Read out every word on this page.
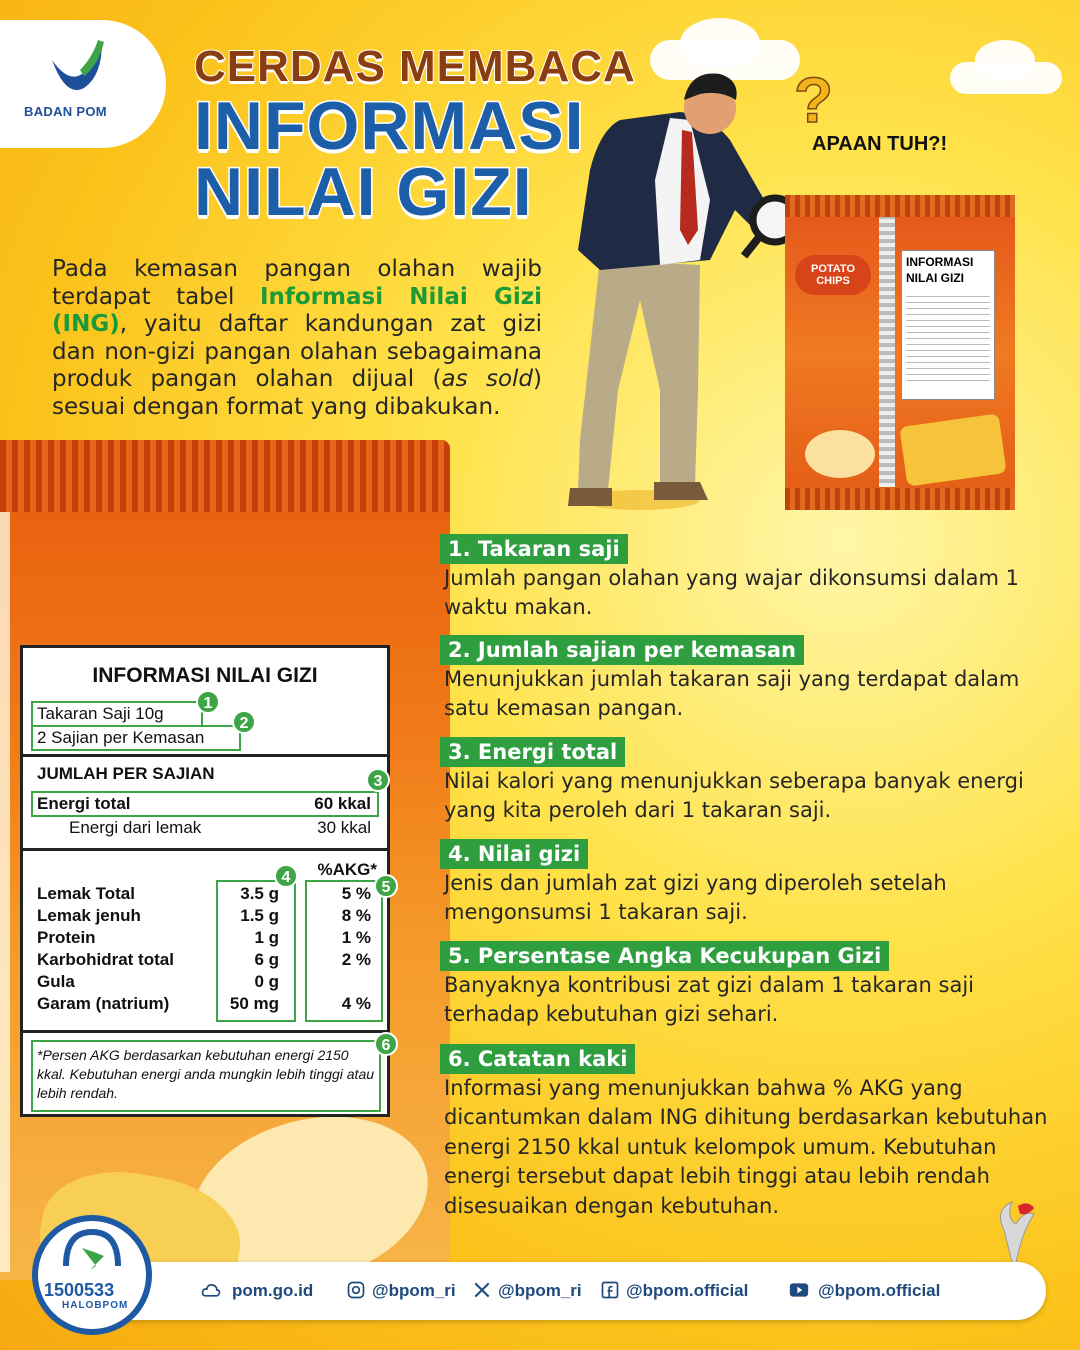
BADAN POM
CERDAS MEMBACA
INFORMASI
NILAI GIZI
Pada kemasan pangan olahan wajib terdapat tabel Informasi Nilai Gizi (ING), yaitu daftar kandungan zat gizi dan non-gizi pangan olahan sebagaimana produk pangan olahan dijual (as sold) sesuai dengan format yang dibakukan.
?
APAAN TUH?!
POTATO CHIPS
INFORMASI NILAI GIZI
INFORMASI NILAI GIZI
Takaran Saji 10g
2 Sajian per Kemasan
JUMLAH PER SAJIAN
Energi total	60 kkal
Energi dari lemak	30 kkal
%AKG*
Lemak Total	3.5 g	5 %
Lemak jenuh	1.5 g	8 %
Protein	1 g	1 %
Karbohidrat total	6 g	2 %
Gula	0 g
Garam (natrium)	50 mg	4 %
*Persen AKG berdasarkan kebutuhan energi 2150 kkal. Kebutuhan energi anda mungkin lebih tinggi atau lebih rendah.
1
2
3
4
5
6
1. Takaran saji
Jumlah pangan olahan yang wajar dikonsumsi dalam 1 waktu makan.
2. Jumlah sajian per kemasan
Menunjukkan jumlah takaran saji yang terdapat dalam satu kemasan pangan.
3. Energi total
Nilai kalori yang menunjukkan seberapa banyak energi yang kita peroleh dari 1 takaran saji.
4. Nilai gizi
Jenis dan jumlah zat gizi yang diperoleh setelah mengonsumsi 1 takaran saji.
5. Persentase Angka Kecukupan Gizi
Banyaknya kontribusi zat gizi dalam 1 takaran saji terhadap kebutuhan gizi sehari.
6. Catatan kaki
Informasi yang menunjukkan bahwa % AKG yang dicantumkan dalam ING dihitung berdasarkan kebutuhan energi 2150 kkal untuk kelompok umum. Kebutuhan energi tersebut dapat lebih tinggi atau lebih rendah disesuaikan dengan kebutuhan.
1500533
HALOBPOM
pom.go.id	@bpom_ri	@bpom_ri	@bpom.official	@bpom.official
